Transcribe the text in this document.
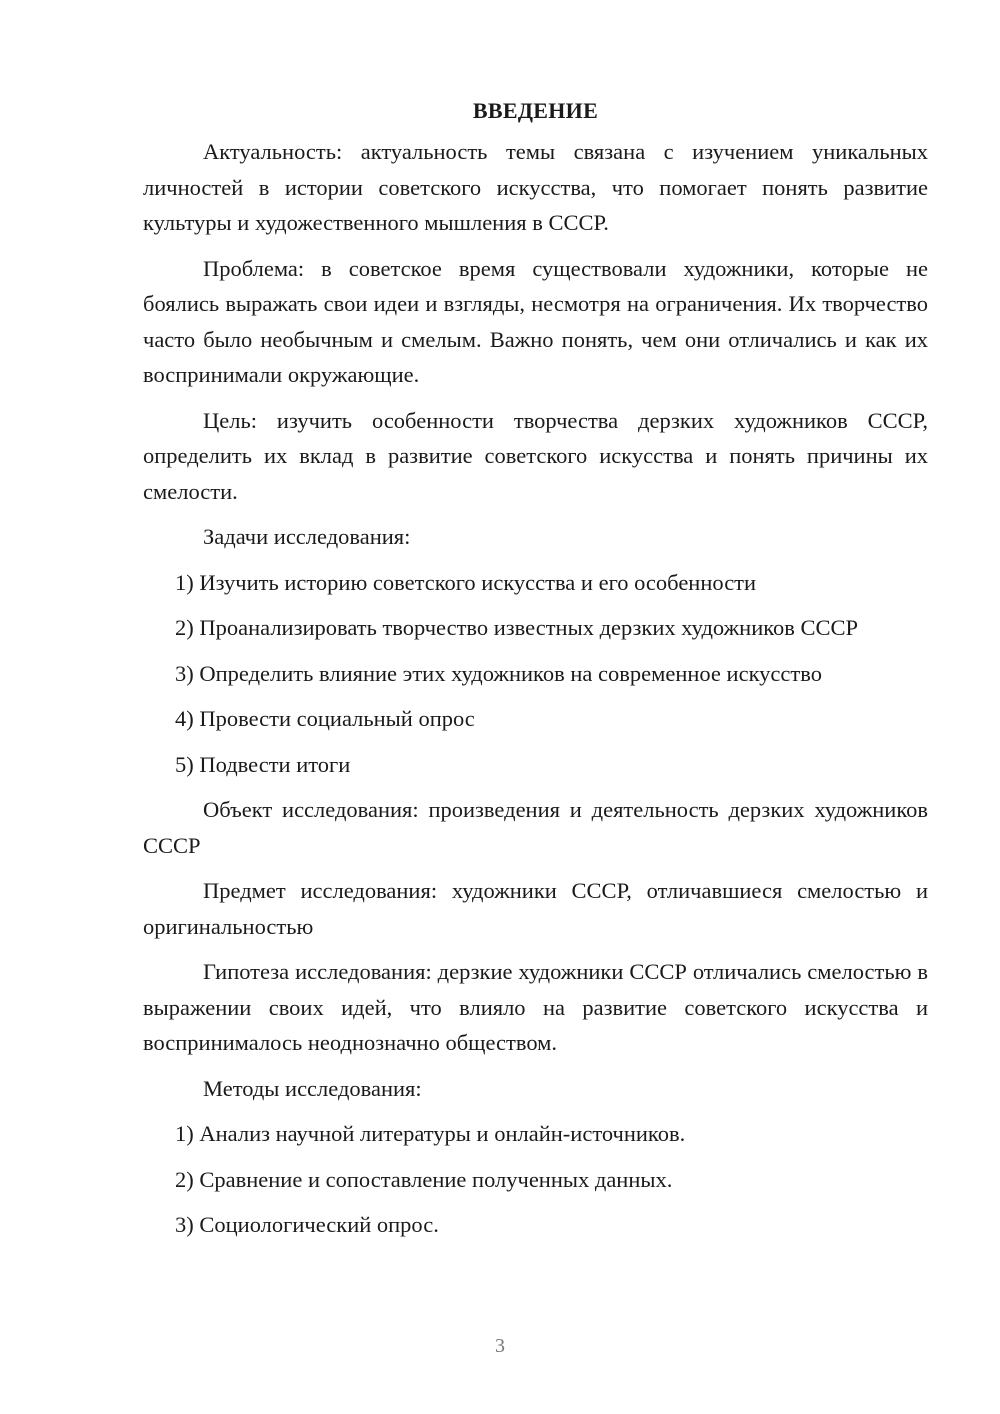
ВВЕДЕНИЕ

Актуальность: актуальность темы связана с изучением уникальных личностей в истории советского искусства, что помогает понять развитие культуры и художественного мышления в СССР.

Проблема: в советское время существовали художники, которые не боялись выражать свои идеи и взгляды, несмотря на ограничения. Их творчество часто было необычным и смелым. Важно понять, чем они отличались и как их воспринимали окружающие.

Цель: изучить особенности творчества дерзких художников СССР, определить их вклад в развитие советского искусства и понять причины их смелости.

Задачи исследования:

1) Изучить историю советского искусства и его особенности

2) Проанализировать творчество известных дерзких художников СССР

3) Определить влияние этих художников на современное искусство

4) Провести социальный опрос

5) Подвести итоги

Объект исследования: произведения и деятельность дерзких художников СССР

Предмет исследования: художники СССР, отличавшиеся смелостью и оригинальностью

Гипотеза исследования: дерзкие художники СССР отличались смелостью в выражении своих идей, что влияло на развитие советского искусства и воспринималось неоднозначно обществом.

Методы исследования:

1) Анализ научной литературы и онлайн-источников.

2) Сравнение и сопоставление полученных данных.

3) Социологический опрос.

3
